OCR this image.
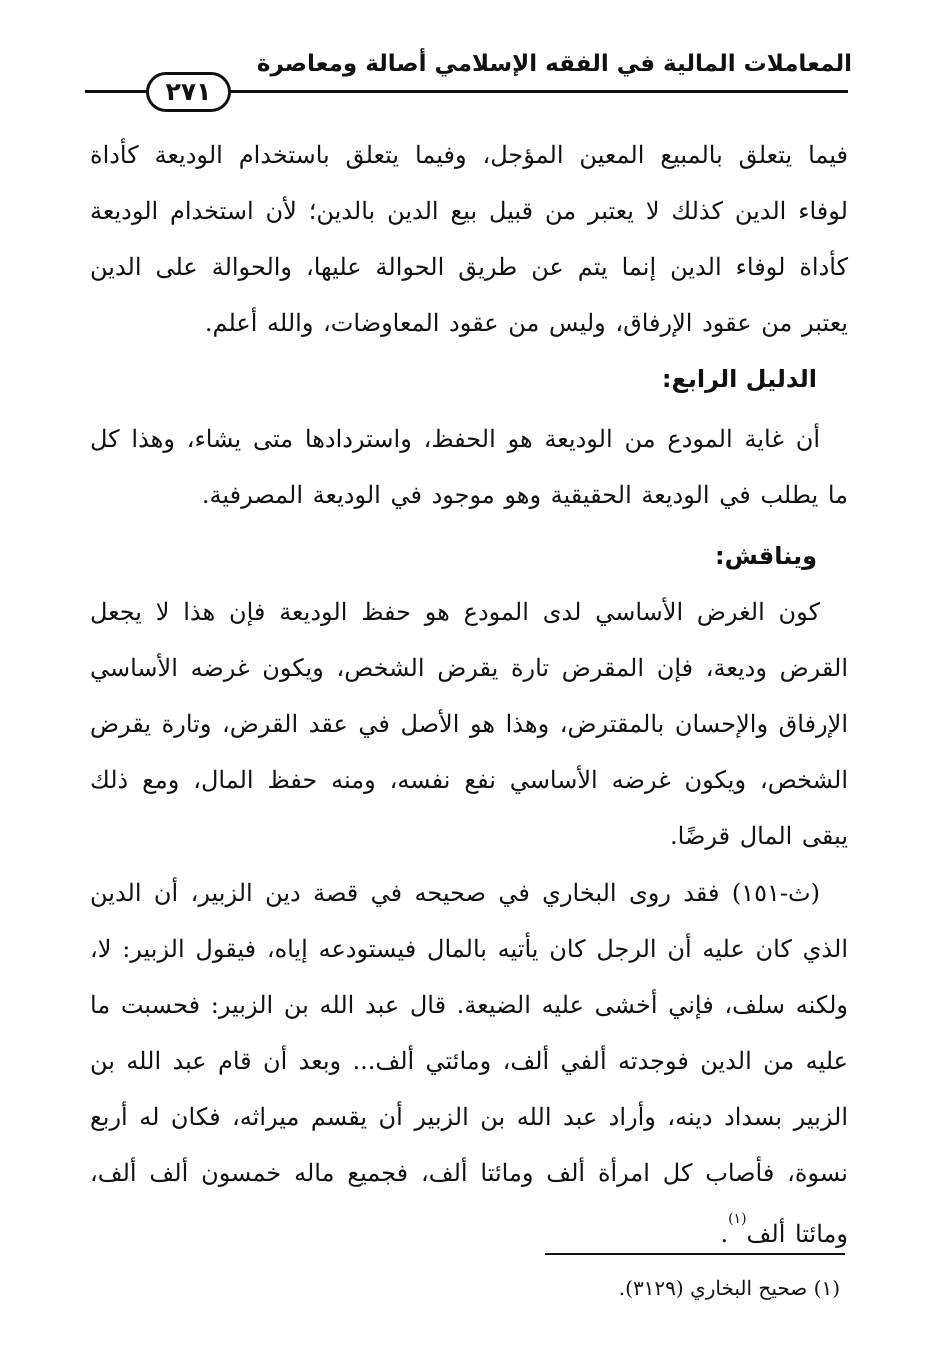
المعاملات المالية في الفقه الإسلامي أصالة ومعاصرة
٢٧١
فيما يتعلق بالمبيع المعين المؤجل، وفيما يتعلق باستخدام الوديعة كأداة لوفاء الدين كذلك لا يعتبر من قبيل بيع الدين بالدين؛ لأن استخدام الوديعة كأداة لوفاء الدين إنما يتم عن طريق الحوالة عليها، والحوالة على الدين يعتبر من عقود الإرفاق، وليس من عقود المعاوضات، والله أعلم.
الدليل الرابع:
أن غاية المودع من الوديعة هو الحفظ، واستردادها متى يشاء، وهذا كل ما يطلب في الوديعة الحقيقية وهو موجود في الوديعة المصرفية.
ويناقش:
كون الغرض الأساسي لدى المودع هو حفظ الوديعة فإن هذا لا يجعل القرض وديعة، فإن المقرض تارة يقرض الشخص، ويكون غرضه الأساسي الإرفاق والإحسان بالمقترض، وهذا هو الأصل في عقد القرض، وتارة يقرض الشخص، ويكون غرضه الأساسي نفع نفسه، ومنه حفظ المال، ومع ذلك يبقى المال قرضًا.
(ث-١٥١) فقد روى البخاري في صحيحه في قصة دين الزبير، أن الدين الذي كان عليه أن الرجل كان يأتيه بالمال فيستودعه إياه، فيقول الزبير: لا، ولكنه سلف، فإني أخشى عليه الضيعة. قال عبد الله بن الزبير: فحسبت ما عليه من الدين فوجدته ألفي ألف، ومائتي ألف... وبعد أن قام عبد الله بن الزبير بسداد دينه، وأراد عبد الله بن الزبير أن يقسم ميراثه، فكان له أربع نسوة، فأصاب كل امرأة ألف ومائتا ألف، فجميع ماله خمسون ألف ألف، ومائتا ألف$^{(١)}$.
(١) صحيح البخاري (٣١٢٩).
